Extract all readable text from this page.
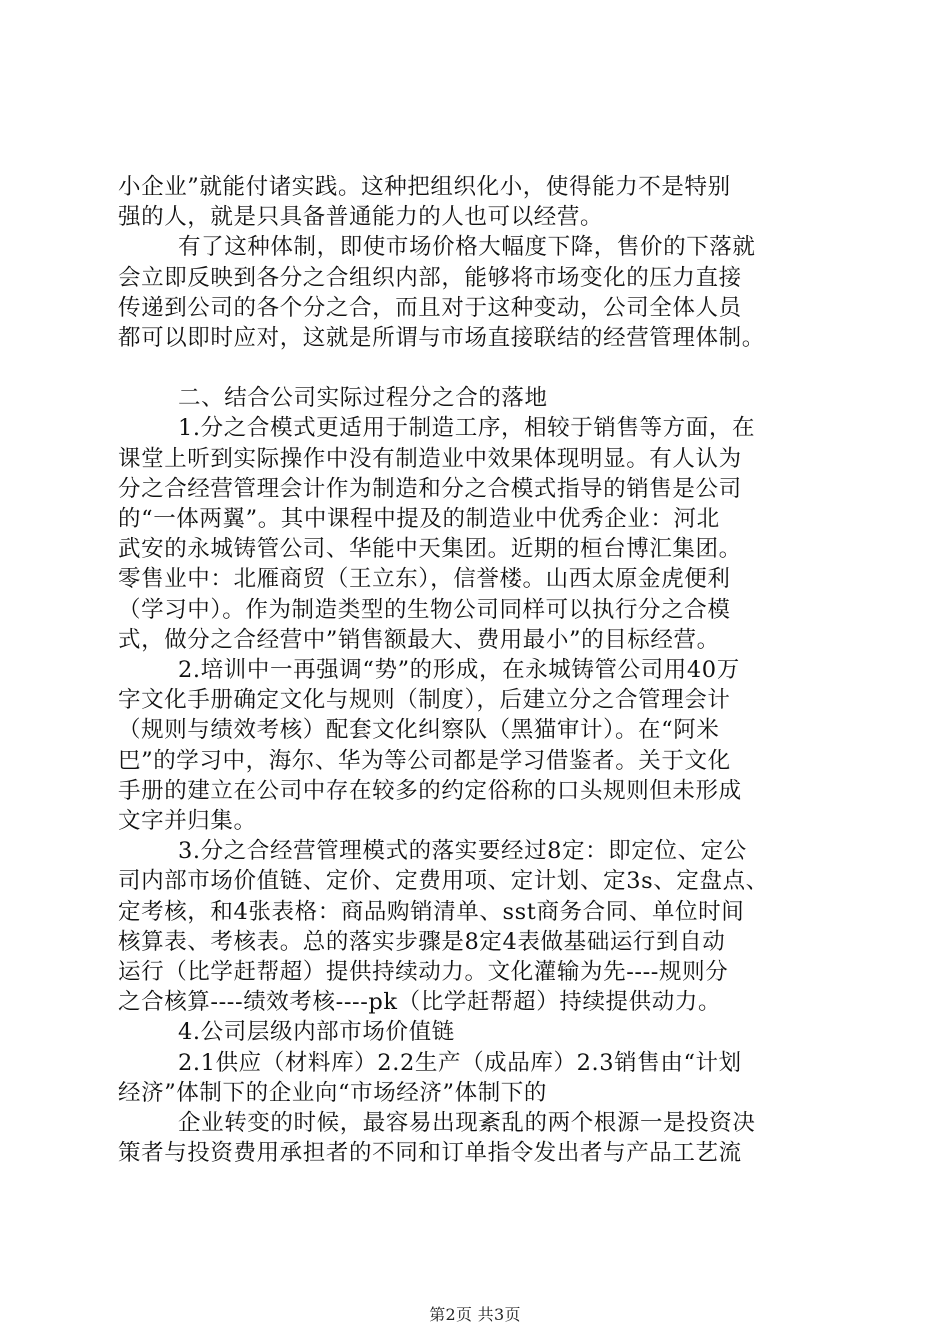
小企业”就能付诸实践。这种把组织化小，使得能力不是特别
强的人，就是只具备普通能力的人也可以经营。
有了这种体制，即使市场价格大幅度下降，售价的下落就
会立即反映到各分之合组织内部，能够将市场变化的压力直接
传递到公司的各个分之合，而且对于这种变动，公司全体人员
都可以即时应对，这就是所谓与市场直接联结的经营管理体制。
二、结合公司实际过程分之合的落地
1.分之合模式更适用于制造工序，相较于销售等方面，在
课堂上听到实际操作中没有制造业中效果体现明显。有人认为
分之合经营管理会计作为制造和分之合模式指导的销售是公司
的“一体两翼”。其中课程中提及的制造业中优秀企业：河北
武安的永城铸管公司、华能中天集团。近期的桓台博汇集团。
零售业中：北雁商贸（王立东），信誉楼。山西太原金虎便利
（学习中）。作为制造类型的生物公司同样可以执行分之合模
式，做分之合经营中”销售额最大、费用最小”的目标经营。
2.培训中一再强调“势”的形成，在永城铸管公司用40万
字文化手册确定文化与规则（制度），后建立分之合管理会计
（规则与绩效考核）配套文化纠察队（黑猫审计）。在“阿米
巴”的学习中，海尔、华为等公司都是学习借鉴者。关于文化
手册的建立在公司中存在较多的约定俗称的口头规则但未形成
文字并归集。
3.分之合经营管理模式的落实要经过8定：即定位、定公
司内部市场价值链、定价、定费用项、定计划、定3s、定盘点、
定考核，和4张表格：商品购销清单、sst商务合同、单位时间
核算表、考核表。总的落实步骤是8定4表做基础运行到自动
运行（比学赶帮超）提供持续动力。文化灌输为先----规则分
之合核算----绩效考核----pk（比学赶帮超）持续提供动力。
4.公司层级内部市场价值链
2.1供应（材料库）2.2生产（成品库）2.3销售由“计划
经济”体制下的企业向“市场经济”体制下的
企业转变的时候，最容易出现紊乱的两个根源一是投资决
策者与投资费用承担者的不同和订单指令发出者与产品工艺流
第2页 共3页
